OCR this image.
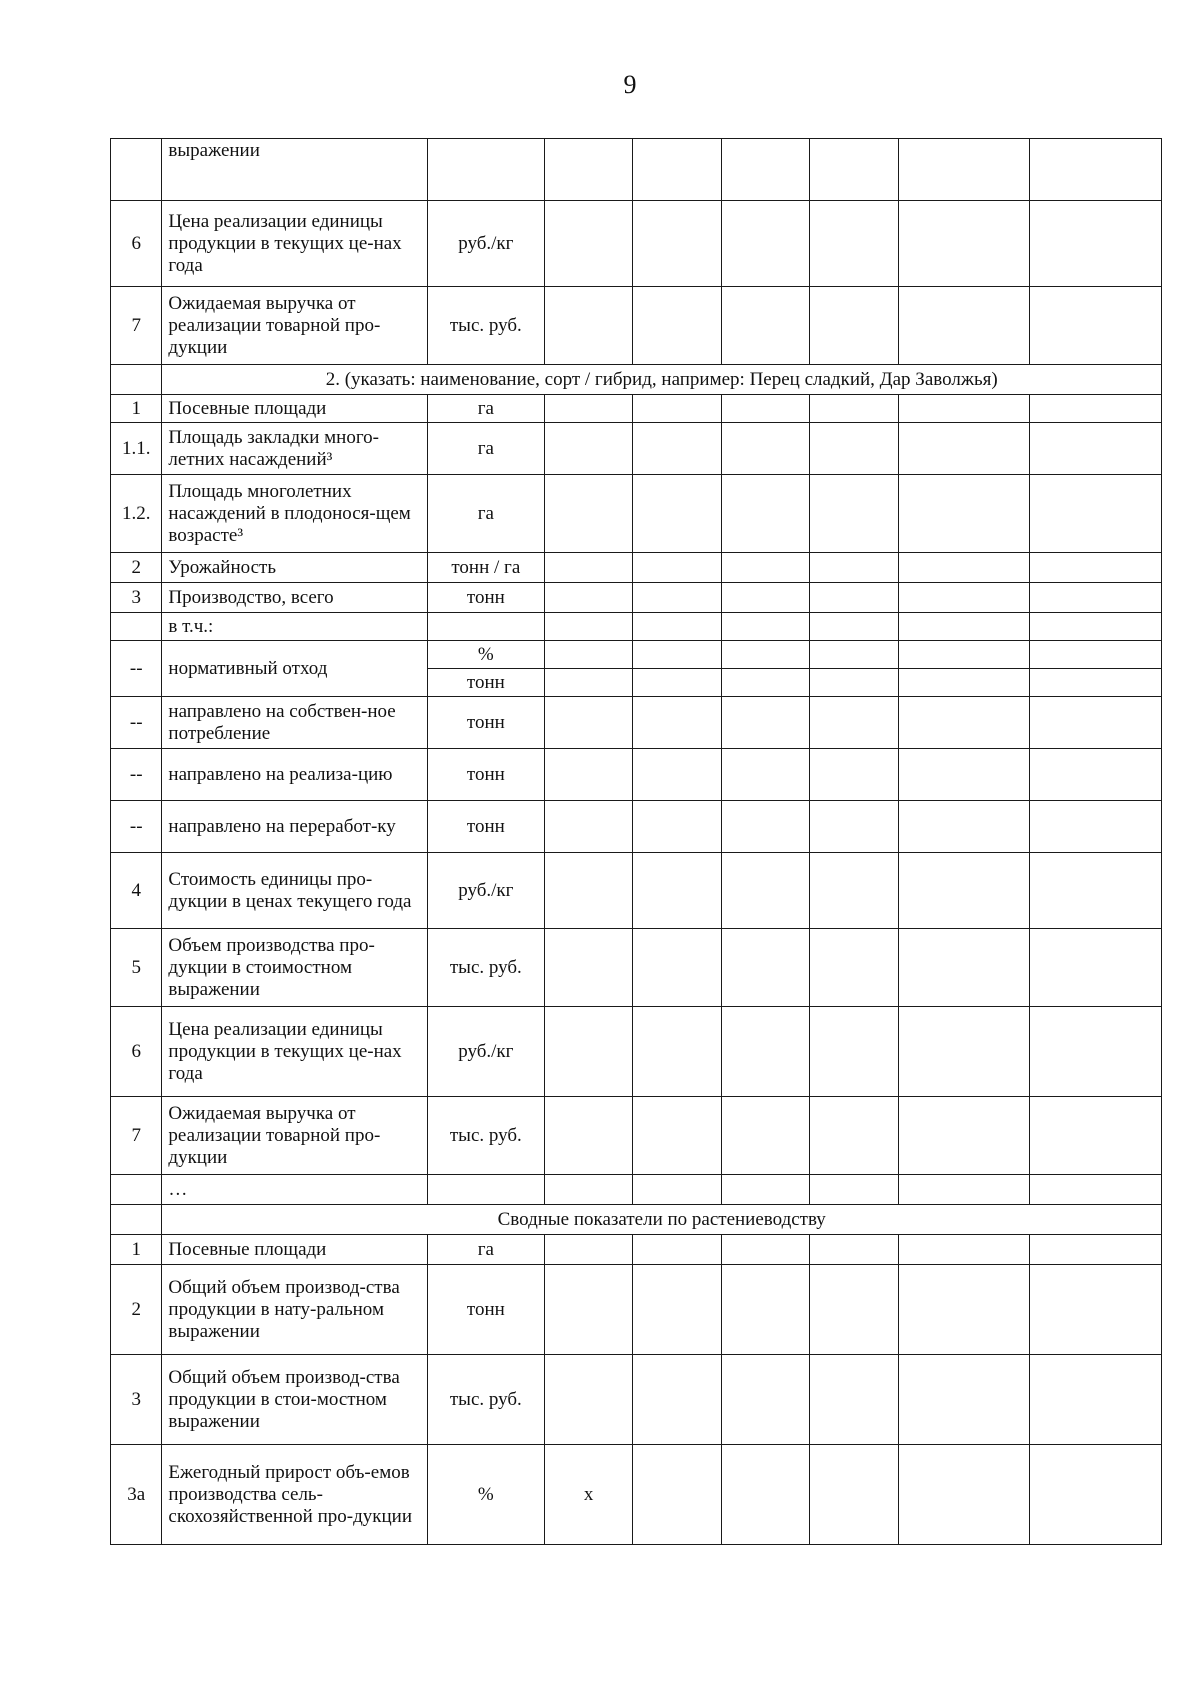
9
	выражении							
6	Цена реализации единицы продукции в текущих це-нах года	руб./кг						
7	Ожидаемая выручка от реализации товарной про-дукции	тыс. руб.						
	2. (указать: наименование, сорт / гибрид, например: Перец сладкий, Дар Заволжья)							
1	Посевные площади	га						
1.1.	Площадь закладки много-летних насаждений³	га						
1.2.	Площадь многолетних насаждений в плодонося-щем возрасте³	га						
2	Урожайность	тонн / га						
3	Производство, всего	тонн						
	в т.ч.:							
--	нормативный отход	%						
		тонн						
--	направлено на собствен-ное потребление	тонн						
--	направлено на реализа-цию	тонн						
--	направлено на переработ-ку	тонн						
4	Стоимость единицы про-дукции в ценах текущего года	руб./кг						
5	Объем производства про-дукции в стоимостном выражении	тыс. руб.						
6	Цена реализации единицы продукции в текущих це-нах года	руб./кг						
7	Ожидаемая выручка от реализации товарной про-дукции	тыс. руб.						
	…							
	Сводные показатели по растениеводству							
1	Посевные площади	га						
2	Общий объем производ-ства продукции в нату-ральном выражении	тонн						
3	Общий объем производ-ства продукции в стои-мостном выражении	тыс. руб.						
3а	Ежегодный прирост объ-емов производства сель-скохозяйственной про-дукции	%	х					
